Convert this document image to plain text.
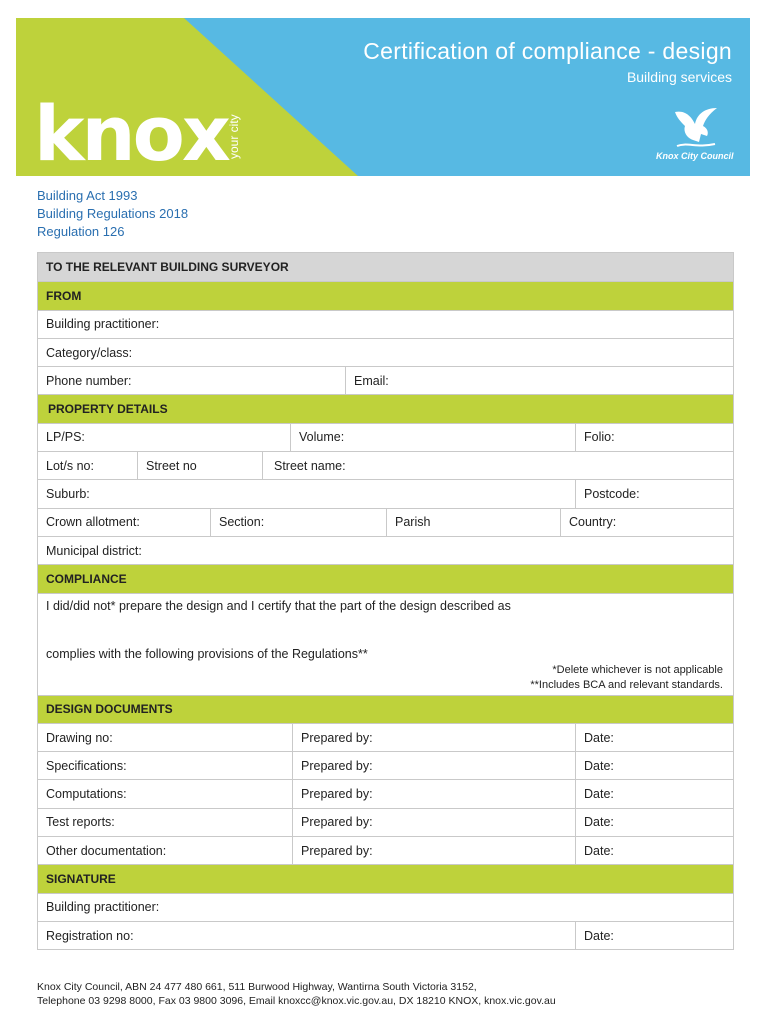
Certification of compliance - design
Building services
knox your city	Knox City Council
Building Act 1993
Building Regulations 2018
Regulation 126
TO THE RELEVANT BUILDING SURVEYOR
FROM
Building practitioner:
Category/class:
Phone number:	Email:
PROPERTY DETAILS
LP/PS:	Volume:	Folio:
Lot/s no:	Street no	Street name:
Suburb:	Postcode:
Crown allotment:	Section:	Parish	Country:
Municipal district:
COMPLIANCE
I did/did not* prepare the design and I certify that the part of the design described as
complies with the following provisions of the Regulations**
*Delete whichever is not applicable
**Includes BCA and relevant standards.
DESIGN DOCUMENTS
Drawing no:	Prepared by:	Date:
Specifications:	Prepared by:	Date:
Computations:	Prepared by:	Date:
Test reports:	Prepared by:	Date:
Other documentation:	Prepared by:	Date:
SIGNATURE
Building practitioner:
Registration no:	Date:
Knox City Council, ABN 24 477 480 661, 511 Burwood Highway, Wantirna South Victoria 3152,
Telephone 03 9298 8000, Fax 03 9800 3096, Email knoxcc@knox.vic.gov.au, DX 18210 KNOX, knox.vic.gov.au
